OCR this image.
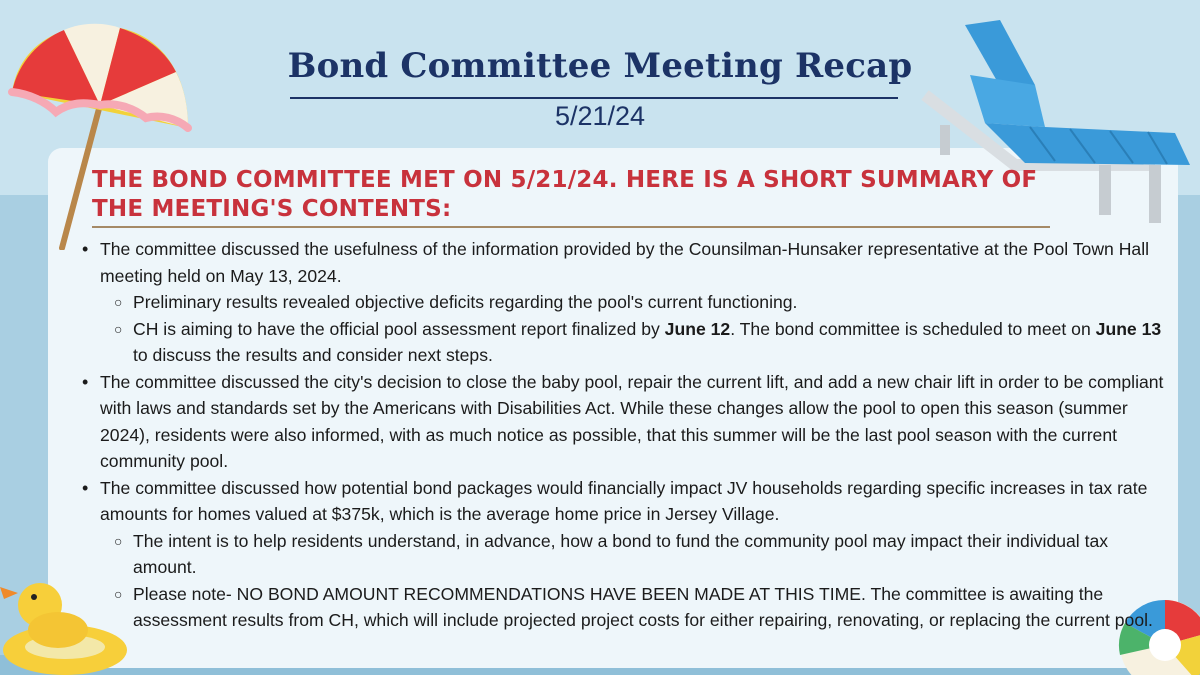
Bond Committee Meeting Recap
5/21/24
THE BOND COMMITTEE MET ON 5/21/24. HERE IS A SHORT SUMMARY OF THE MEETING'S CONTENTS:
• The committee discussed the usefulness of the information provided by the Counsilman-Hunsaker representative at the Pool Town Hall meeting held on May 13, 2024.
○ Preliminary results revealed objective deficits regarding the pool's current functioning.
○ CH is aiming to have the official pool assessment report finalized by June 12. The bond committee is scheduled to meet on June 13 to discuss the results and consider next steps.
• The committee discussed the city's decision to close the baby pool, repair the current lift, and add a new chair lift in order to be compliant with laws and standards set by the Americans with Disabilities Act. While these changes allow the pool to open this season (summer 2024), residents were also informed, with as much notice as possible, that this summer will be the last pool season with the current community pool.
• The committee discussed how potential bond packages would financially impact JV households regarding specific increases in tax rate amounts for homes valued at $375k, which is the average home price in Jersey Village.
○ The intent is to help residents understand, in advance, how a bond to fund the community pool may impact their individual tax amount.
○ Please note- NO BOND AMOUNT RECOMMENDATIONS HAVE BEEN MADE AT THIS TIME. The committee is awaiting the assessment results from CH, which will include projected project costs for either repairing, renovating, or replacing the current pool.
